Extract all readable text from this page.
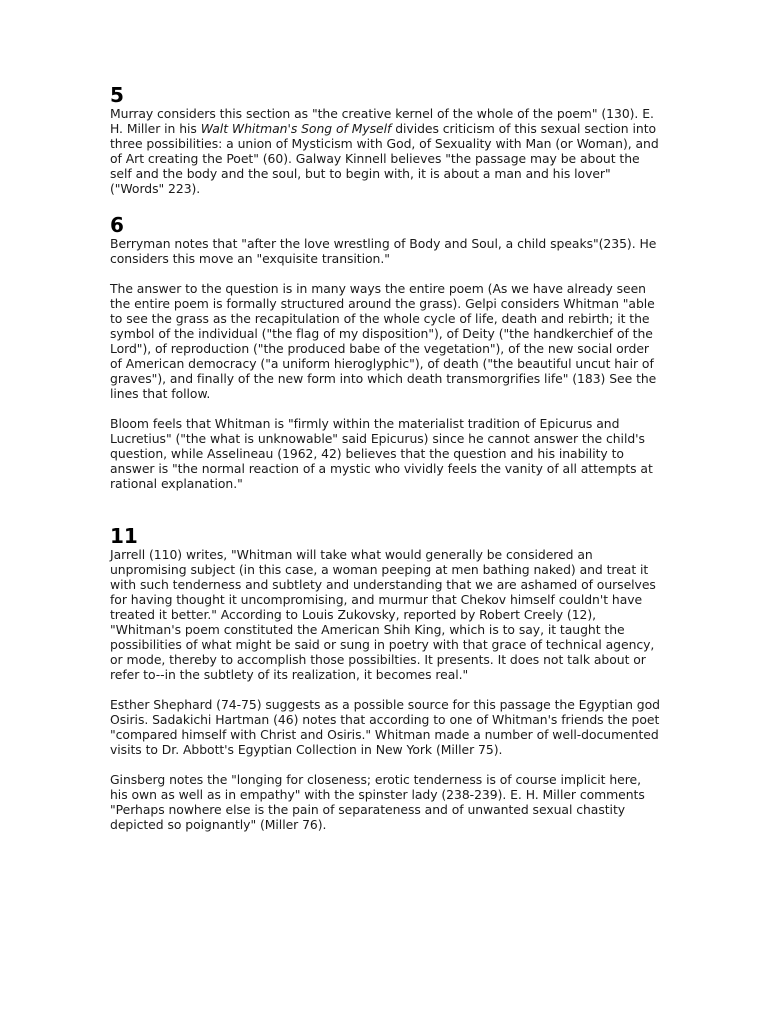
5

Murray considers this section as "the creative kernel of the whole of the poem" (130). E. H. Miller in his Walt Whitman's Song of Myself divides criticism of this sexual section into three possibilities: a union of Mysticism with God, of Sexuality with Man (or Woman), and of Art creating the Poet" (60). Galway Kinnell believes "the passage may be about the self and the body and the soul, but to begin with, it is about a man and his lover" ("Words" 223).

6

Berryman notes that "after the love wrestling of Body and Soul, a child speaks"(235). He considers this move an "exquisite transition."

The answer to the question is in many ways the entire poem (As we have already seen the entire poem is formally structured around the grass). Gelpi considers Whitman "able to see the grass as the recapitulation of the whole cycle of life, death and rebirth; it the symbol of the individual ("the flag of my disposition"), of Deity ("the handkerchief of the Lord"), of reproduction ("the produced babe of the vegetation"), of the new social order of American democracy ("a uniform hieroglyphic"), of death ("the beautiful uncut hair of graves"), and finally of the new form into which death transmorgrifies life" (183) See the lines that follow.

Bloom feels that Whitman is "firmly within the materialist tradition of Epicurus and Lucretius" ("the what is unknowable" said Epicurus) since he cannot answer the child's question, while Asselineau (1962, 42) believes that the question and his inability to answer is "the normal reaction of a mystic who vividly feels the vanity of all attempts at rational explanation."

11

Jarrell (110) writes, "Whitman will take what would generally be considered an unpromising subject (in this case, a woman peeping at men bathing naked) and treat it with such tenderness and subtlety and understanding that we are ashamed of ourselves for having thought it uncompromising, and murmur that Chekov himself couldn't have treated it better." According to Louis Zukovsky, reported by Robert Creely (12), "Whitman's poem constituted the American Shih King, which is to say, it taught the possibilities of what might be said or sung in poetry with that grace of technical agency, or mode, thereby to accomplish those possibilties. It presents. It does not talk about or refer to--in the subtlety of its realization, it becomes real."

Esther Shephard (74-75) suggests as a possible source for this passage the Egyptian god Osiris. Sadakichi Hartman (46) notes that according to one of Whitman's friends the poet "compared himself with Christ and Osiris." Whitman made a number of well-documented visits to Dr. Abbott's Egyptian Collection in New York (Miller 75).

Ginsberg notes the "longing for closeness; erotic tenderness is of course implicit here, his own as well as in empathy" with the spinster lady (238-239). E. H. Miller comments "Perhaps nowhere else is the pain of separateness and of unwanted sexual chastity depicted so poignantly" (Miller 76).
